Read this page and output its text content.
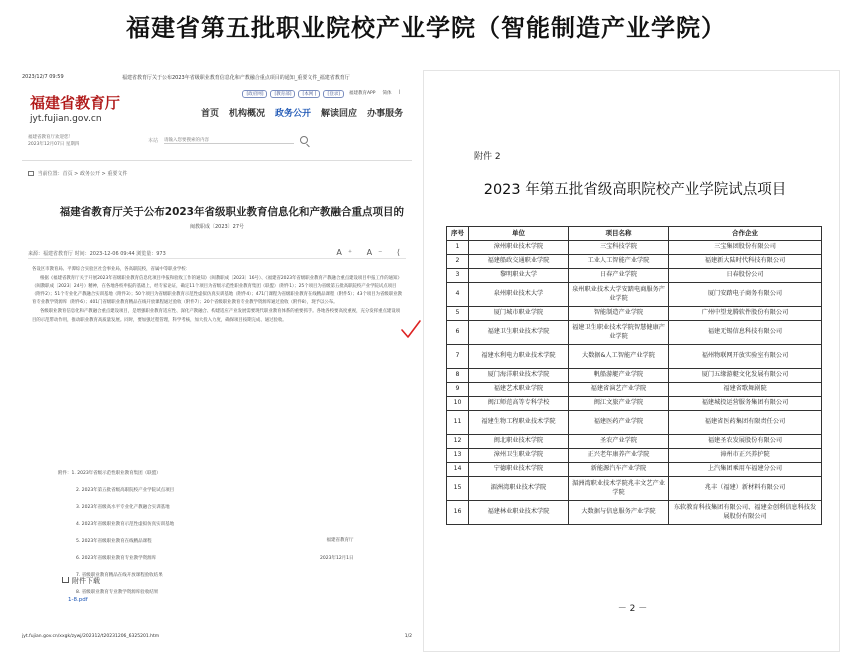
福建省第五批职业院校产业学院（智能制造产业学院）
2023/12/7 09:59	福建省教育厅关于公布2023年省级职业教育信息化和产教融合重点项目的通知_重要文件_福建省教育厅
福建省教育厅
jyt.fujian.gov.cn
[政府网]	[教育部]	[本网 ]	[登录]	福建教育APP	简体	|
首页 机构概况 政务公开 解读回应 办事服务
福建省教育厅欢迎您！
2023年12月07日 星期四
本站
请输入您要搜索的内容
当前位置：首页 > 政务公开 > 重要文件
福建省教育厅关于公布2023年省级职业教育信息化和产教融合重点项目的
闽教职成〔2023〕27号
来源：福建省教育厅 时间：2023-12-06 09:44 浏览量：973	A⁺ A⁻ ⟨

各设区市教育局、平潭综合实验区社会事业局，各高职院校，省属中等职业学校：

根据《福建省教育厅关于开展2023年省级职业教育信息化项目申报和验收工作的通知》（闽教职成〔2023〕16号）、《福建省2023年省级职业教育产教融合重点建设项目申报工作的通知》（闽教职成〔2023〕24号）精神，在各地各校申报的基础上，经专家论证，确定11个项目为省级示范性职业教育集团（联盟）（附件1）；25个项目为省级第五批高职院校产业学院试点项目（附件2）；51个专业化产教融合实训基地（附件3）；50个项目为省级职业教育示范性虚拟仿真实训基地（附件4）；471门课程为省级职业教育在线精品课程（附件5）；43个项目为省级职业教育专业教学资源库（附件6）；401门省级职业教育精品在线开放课程通过验收（附件7）；20个省级职业教育专业教学资源库通过验收（附件8），现予以公布。

各级职业教育信息化和产教融合重点建设项目，是增强职业教育适应性、深化产教融合、构建适应产业发展需要现代职业教育体系的重要抓手。各地各校要高度重视，充分发挥重点建设项目的示范带动作用，推动职业教育高质量发展。同时，要加强过程管理，科学考核，加大投入力度，确保项目按期完成、通过验收。

附件：1. 2023年省级示范性职业教育集团（联盟）
2. 2023年第五批省级高职院校产业学院试点项目
3. 2023年省级高水平专业化产教融合实训基地
4. 2023年省级职业教育示范性虚拟仿真实训基地
5. 2023年省级职业教育在线精品课程
6. 2023年省级职业教育专业教学资源库
7. 省级职业教育精品在线开放课程验收结果
8. 省级职业教育专业教学资源库验收结果
福建省教育厅
2023年12月1日
附件下载
1-8.pdf
jyt.fujian.gov.cn/xxgk/zywj/202312/t20231206_6325201.htm	1/2
附件 2
2023 年第五批省级高职院校产业学院试点项目
序号	单位	项目名称	合作企业
1	漳州职业技术学院	三宝科技学院	三宝集团股份有限公司
2	福建船政交通职业学院	工业人工智能产业学院	福建新大陆时代科技有限公司
3	黎明职业大学	日春产业学院	日春股份公司
4	泉州职业技术大学	泉州职业技术大学安踏电商服务产业学院	厦门安踏电子商务有限公司
5	厦门城市职业学院	智能制造产业学院	广州中望龙腾软件股份有限公司
6	福建卫生职业技术学院	福建卫生职业技术学院智慧健康产业学院	福建无锡信息科技有限公司
7	福建水利电力职业技术学院	大数据&人工智能产业学院	福州物联网开放实验室有限公司
8	厦门海洋职业技术学院	帆船游艇产业学院	厦门五缘游艇文化发展有限公司
9	福建艺术职业学院	福建省演艺产业学院	福建省歌舞剧院
10	闽江师范高等专科学校	闽江文旅产业学院	福建城投运营服务集团有限公司
11	福建生物工程职业技术学院	福建医药产业学院	福建省医药集团有限责任公司
12	闽北职业技术学院	圣农产业学院	福建圣农发展股份有限公司
13	漳州卫生职业学院	正兴老年康养产业学院	漳州市正兴养护院
14	宁德职业技术学院	新能源汽车产业学院	上汽集团乘用车福建分公司
15	湄洲湾职业技术学院	湄洲湾职业技术学院兆丰文艺产业学院	兆丰（福建）新材料有限公司
16	福建林业职业技术学院	大数据与信息服务产业学院	东软教育科技集团有限公司、福建金创利信息科技发展股份有限公司
－ 2 －
